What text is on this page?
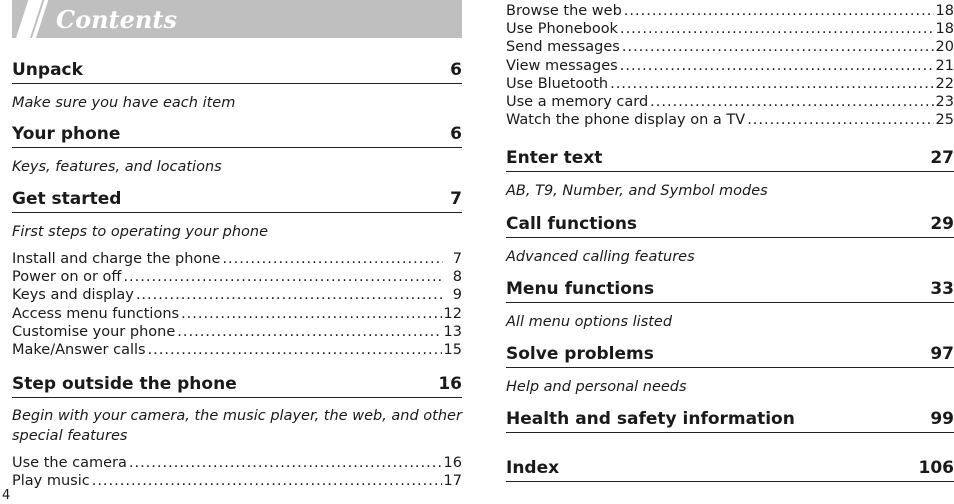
Contents
Unpack	6
Make sure you have each item
Your phone	6
Keys, features, and locations
Get started	7
First steps to operating your phone
Install and charge the phone .....	7
Power on or off .....	8
Keys and display .....	9
Access menu functions .....	12
Customise your phone .....	13
Make/Answer calls .....	15
Step outside the phone	16
Begin with your camera, the music player, the web, and other special features
Use the camera .....	16
Play music .....	17
Browse the web .....	18
Use Phonebook .....	18
Send messages .....	20
View messages .....	21
Use Bluetooth .....	22
Use a memory card .....	23
Watch the phone display on a TV .....	25
Enter text	27
AB, T9, Number, and Symbol modes
Call functions	29
Advanced calling features
Menu functions	33
All menu options listed
Solve problems	97
Help and personal needs
Health and safety information	99
Index	106
4
